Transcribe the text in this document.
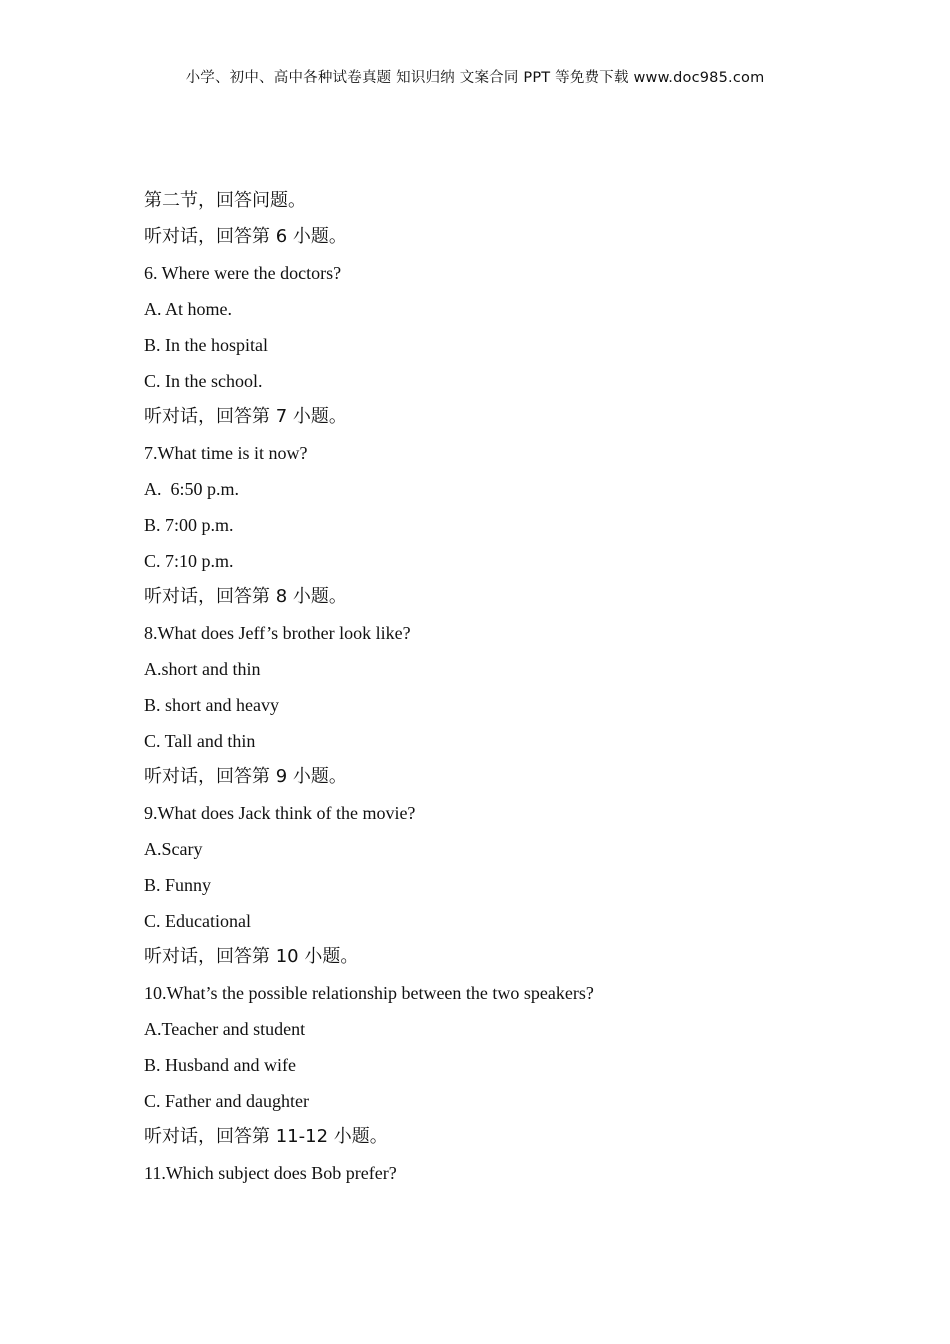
小学、初中、高中各种试卷真题 知识归纳 文案合同 PPT 等免费下载 www.doc985.com
第二节，回答问题。
听对话，回答第 6 小题。
6. Where were the doctors?
A. At home.
B. In the hospital
C. In the school.
听对话，回答第 7 小题。
7.What time is it now?
A.  6:50 p.m.
B. 7:00 p.m.
C. 7:10 p.m.
听对话，回答第 8 小题。
8.What does Jeff’s brother look like?
A.short and thin
B. short and heavy
C. Tall and thin
听对话，回答第 9 小题。
9.What does Jack think of the movie?
A.Scary
B. Funny
C. Educational
听对话，回答第 10 小题。
10.What’s the possible relationship between the two speakers?
A.Teacher and student
B. Husband and wife
C. Father and daughter
听对话，回答第 11-12 小题。
11.Which subject does Bob prefer?
